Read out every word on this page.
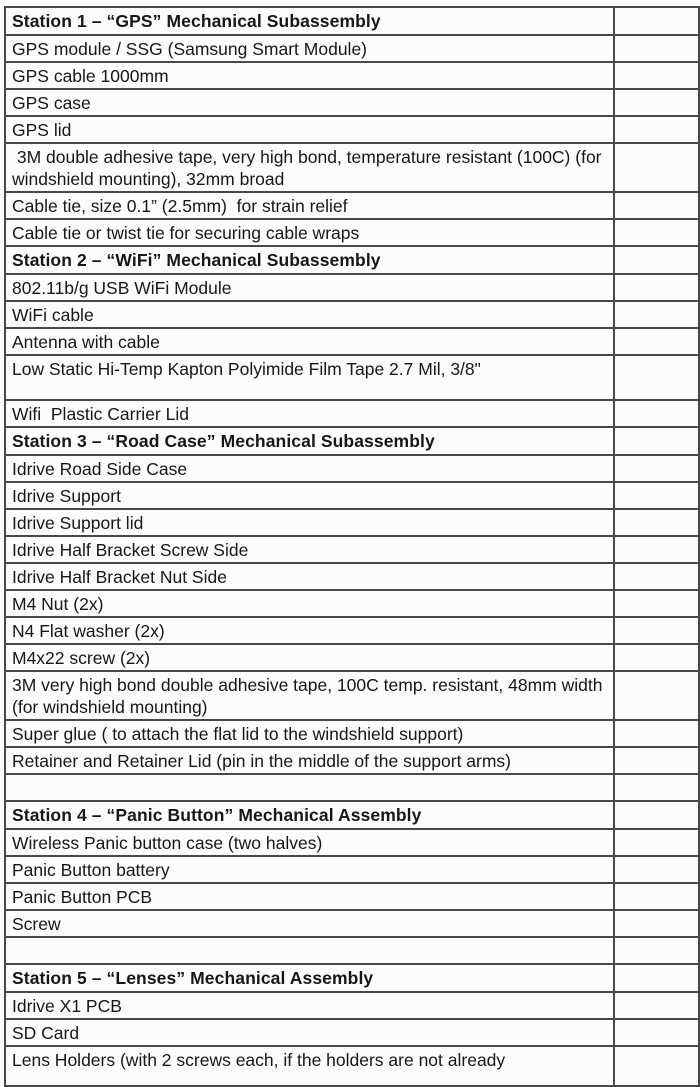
Station 1 – “GPS” Mechanical Subassembly	
GPS module / SSG (Samsung Smart Module)	
GPS cable 1000mm	
GPS case	
GPS lid	
3M double adhesive tape, very high bond, temperature resistant (100C) (for windshield mounting), 32mm broad	
Cable tie, size 0.1” (2.5mm)  for strain relief	
Cable tie or twist tie for securing cable wraps	
Station 2 – “WiFi” Mechanical Subassembly	
802.11b/g USB WiFi Module	
WiFi cable	
Antenna with cable	
Low Static Hi-Temp Kapton Polyimide Film Tape 2.7 Mil, 3/8"	
Wifi  Plastic Carrier Lid	
Station 3 – “Road Case” Mechanical Subassembly	
Idrive Road Side Case	
Idrive Support	
Idrive Support lid	
Idrive Half Bracket Screw Side	
Idrive Half Bracket Nut Side	
M4 Nut (2x)	
N4 Flat washer (2x)	
M4x22 screw (2x)	
3M very high bond double adhesive tape, 100C temp. resistant, 48mm width (for windshield mounting)	
Super glue ( to attach the flat lid to the windshield support)	
Retainer and Retainer Lid (pin in the middle of the support arms)	

Station 4 – “Panic Button” Mechanical Assembly	
Wireless Panic button case (two halves)	
Panic Button battery	
Panic Button PCB	
Screw	

Station 5 – “Lenses” Mechanical Assembly	
Idrive X1 PCB	
SD Card	
Lens Holders (with 2 screws each, if the holders are not already	
